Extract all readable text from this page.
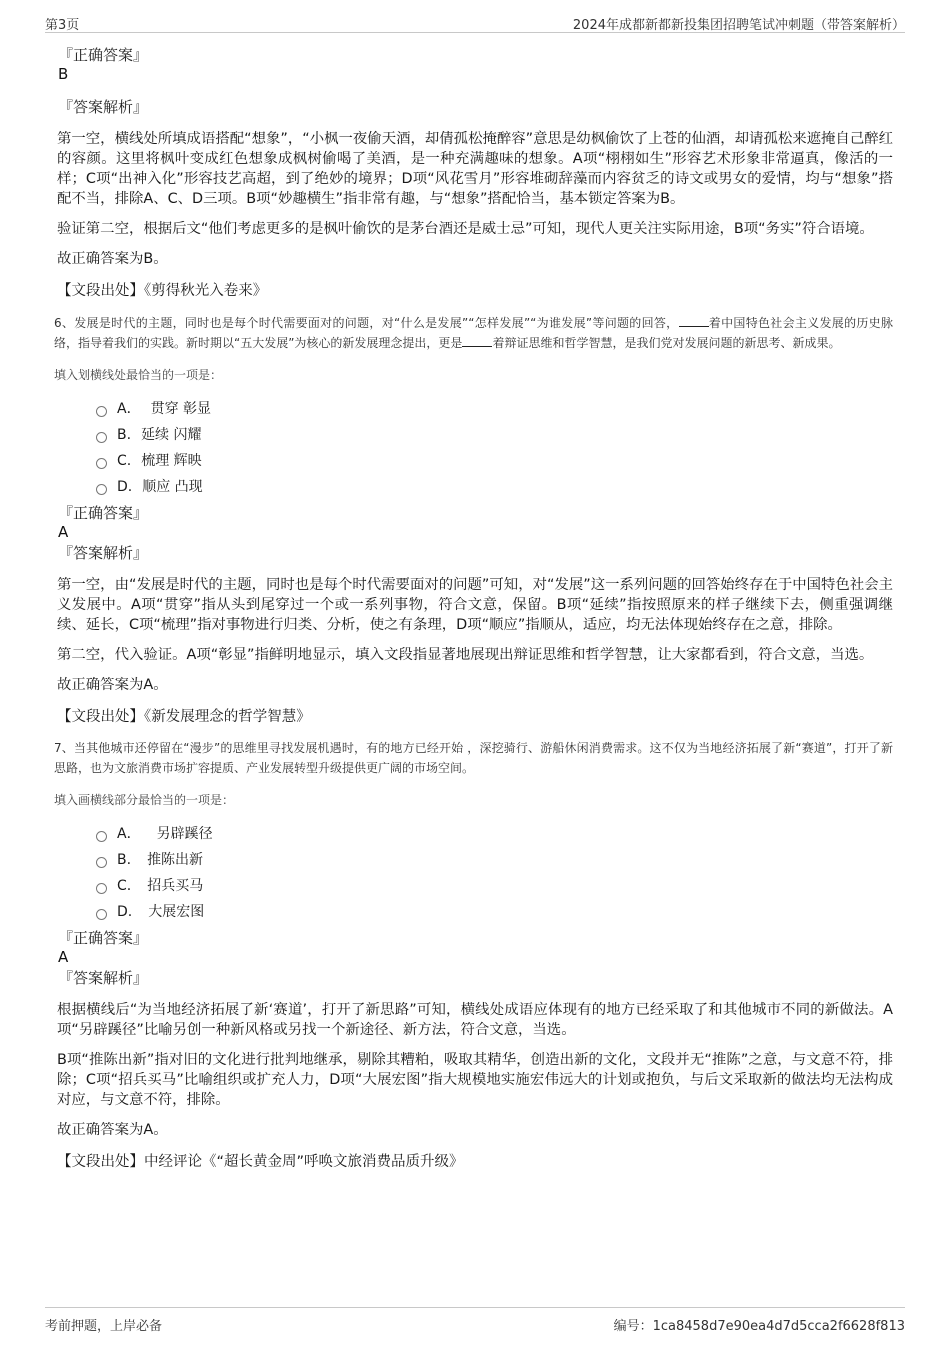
第3页	2024年成都新都新投集团招聘笔试冲刺题（带答案解析）
『正确答案』
B
『答案解析』

第一空，横线处所填成语搭配“想象”，“小枫一夜偷天酒，却倩孤松掩醉容”意思是幼枫偷饮了上苍的仙酒，却请孤松来遮掩自己醉红的容颜。这里将枫叶变成红色想象成枫树偷喝了美酒，是一种充满趣味的想象。A项“栩栩如生”形容艺术形象非常逼真，像活的一样；C项“出神入化”形容技艺高超，到了绝妙的境界；D项“风花雪月”形容堆砌辞藻而内容贫乏的诗文或男女的爱情，均与“想象”搭配不当，排除A、C、D三项。B项“妙趣横生”指非常有趣，与“想象”搭配恰当，基本锁定答案为B。

验证第二空，根据后文“他们考虑更多的是枫叶偷饮的是茅台酒还是威士忌”可知，现代人更关注实际用途，B项“务实”符合语境。

故正确答案为B。

【文段出处】《剪得秋光入卷来》
6、发展是时代的主题，同时也是每个时代需要面对的问题，对“什么是发展”“怎样发展”“为谁发展”等问题的回答，	着中国特色社会主义发展的历史脉络，指导着我们的实践。新时期以“五大发展”为核心的新发展理念提出，更是	着辩证思维和哲学智慧，是我们党对发展问题的新思考、新成果。
填入划横线处最恰当的一项是：
A． 贯穿 彰显
B. 延续 闪耀
C. 梳理 辉映
D. 顺应 凸现
『正确答案』
A
『答案解析』

第一空，由“发展是时代的主题，同时也是每个时代需要面对的问题”可知，对“发展”这一系列问题的回答始终存在于中国特色社会主义发展中。A项“贯穿”指从头到尾穿过一个或一系列事物，符合文意，保留。B项“延续”指按照原来的样子继续下去，侧重强调继续、延长，C项“梳理”指对事物进行归类、分析，使之有条理，D项“顺应”指顺从，适应，均无法体现始终存在之意，排除。

第二空，代入验证。A项“彰显”指鲜明地显示，填入文段指显著地展现出辩证思维和哲学智慧，让大家都看到，符合文意，当选。

故正确答案为A。

【文段出处】《新发展理念的哲学智慧》
7、当其他城市还停留在“漫步”的思维里寻找发展机遇时，有的地方已经开始 ，深挖骑行、游船休闲消费需求。这不仅为当地经济拓展了新“赛道”，打开了新思路，也为文旅消费市场扩容提质、产业发展转型升级提供更广阔的市场空间。
填入画横线部分最恰当的一项是：
A． 另辟蹊径
B. 推陈出新
C. 招兵买马
D. 大展宏图
『正确答案』
A
『答案解析』

根据横线后“为当地经济拓展了新‘赛道’，打开了新思路”可知，横线处成语应体现有的地方已经采取了和其他城市不同的新做法。A项“另辟蹊径”比喻另创一种新风格或另找一个新途径、新方法，符合文意，当选。

B项“推陈出新”指对旧的文化进行批判地继承，剔除其糟粕，吸取其精华，创造出新的文化，文段并无“推陈”之意，与文意不符，排除；C项“招兵买马”比喻组织或扩充人力，D项“大展宏图”指大规模地实施宏伟远大的计划或抱负，与后文采取新的做法均无法构成对应，与文意不符，排除。

故正确答案为A。

【文段出处】中经评论《“超长黄金周”呼唤文旅消费品质升级》
考前押题，上岸必备	编号：1ca8458d7e90ea4d7d5cca2f6628f813
